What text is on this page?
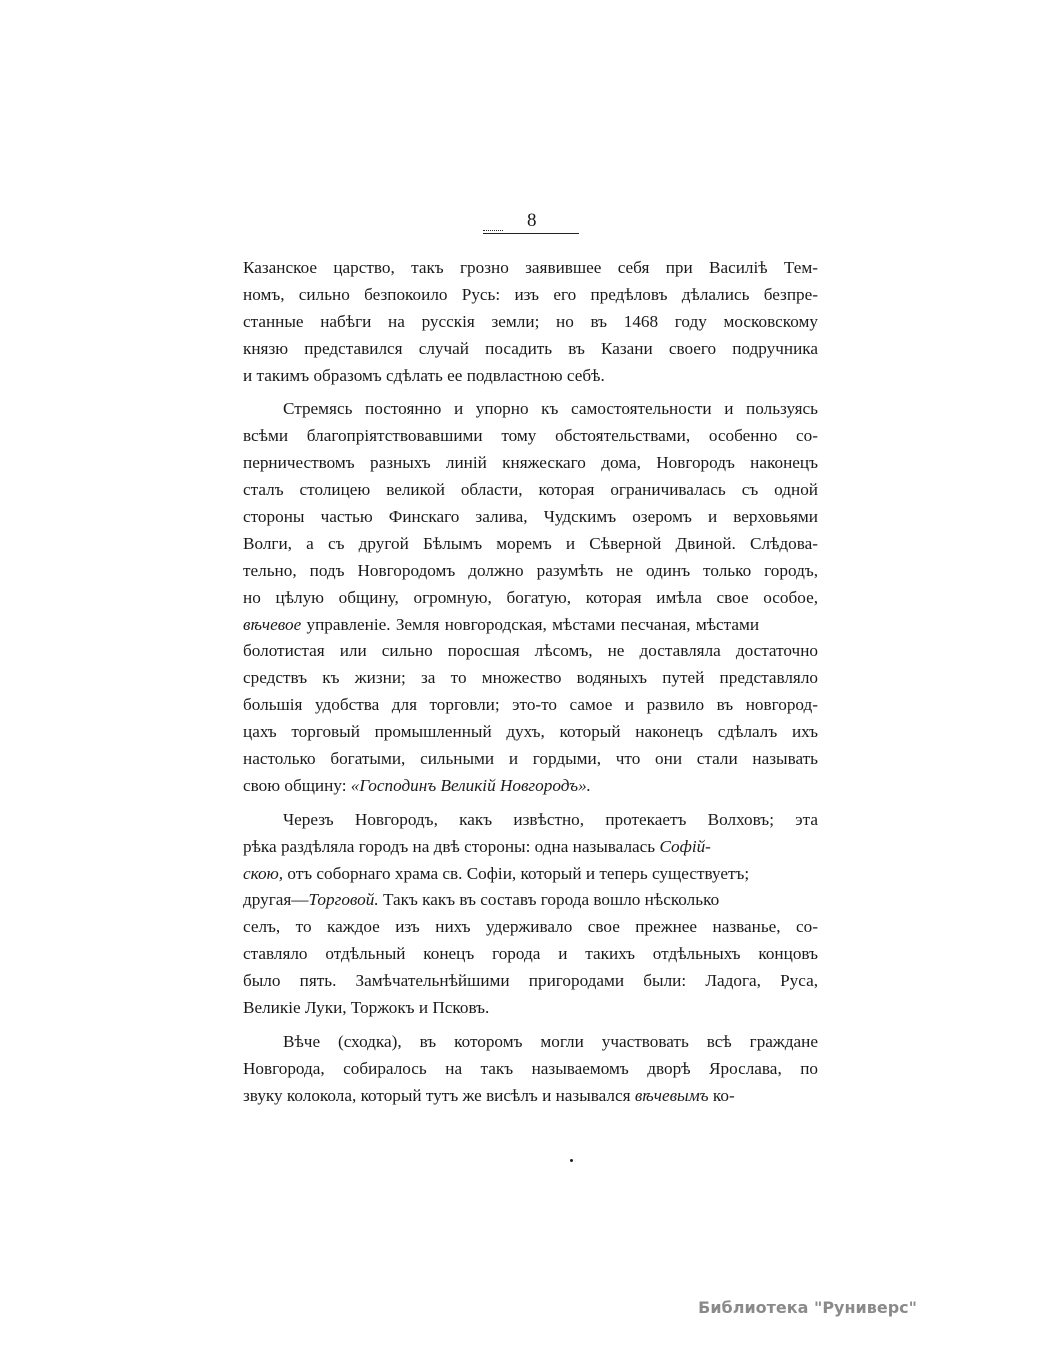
8
Казанское царство, такъ грозно заявившее себя при Василіѣ Тем-
номъ, сильно безпокоило Русь: изъ его предѣловъ дѣлались безпре-
станные набѣги на русскія земли; но въ 1468 году московскому
князю представился случай посадить въ Казани своего подручника
и такимъ образомъ сдѣлать ее подвластною себѣ.
Стремясь постоянно и упорно къ самостоятельности и пользуясь
всѣми благопріятствовавшими тому обстоятельствами, особенно со-
перничествомъ разныхъ линій княжескаго дома, Новгородъ наконецъ
сталъ столицею великой области, которая ограничивалась съ одной
стороны частью Финскаго залива, Чудскимъ озеромъ и верховьями
Волги, а съ другой Бѣлымъ моремъ и Сѣверной Двиной. Слѣдова-
тельно, подъ Новгородомъ должно разумѣть не одинъ только городъ,
но цѣлую общину, огромную, богатую, которая имѣла свое особое,
вѣчевое управленіе. Земля новгородская, мѣстами песчаная, мѣстами
болотистая или сильно поросшая лѣсомъ, не доставляла достаточно
средствъ къ жизни; за то множество водяныхъ путей представляло
большія удобства для торговли; это-то самое и развило въ новгород-
цахъ торговый промышленный духъ, который наконецъ сдѣлалъ ихъ
настолько богатыми, сильными и гордыми, что они стали называть
свою общину: «Господинъ Великій Новгородъ».
Черезъ Новгородъ, какъ извѣстно, протекаетъ Волховъ; эта
рѣка раздѣляла городъ на двѣ стороны: одна называлась Софій-
скою, отъ соборнаго храма св. Софіи, который и теперь существуетъ;
другая—Торговой. Такъ какъ въ составъ города вошло нѣсколько
селъ, то каждое изъ нихъ удерживало свое прежнее названье, со-
ставляло отдѣльный конецъ города и такихъ отдѣльныхъ концовъ
было пять. Замѣчательнѣйшими пригородами были: Ладога, Руса,
Великіе Луки, Торжокъ и Псковъ.
Вѣче (сходка), въ которомъ могли участвовать всѣ граждане
Новгорода, собиралось на такъ называемомъ дворѣ Ярослава, по
звуку колокола, который тутъ же висѣлъ и назывался вѣчевымъ ко-
Библиотека "Руниверс"
